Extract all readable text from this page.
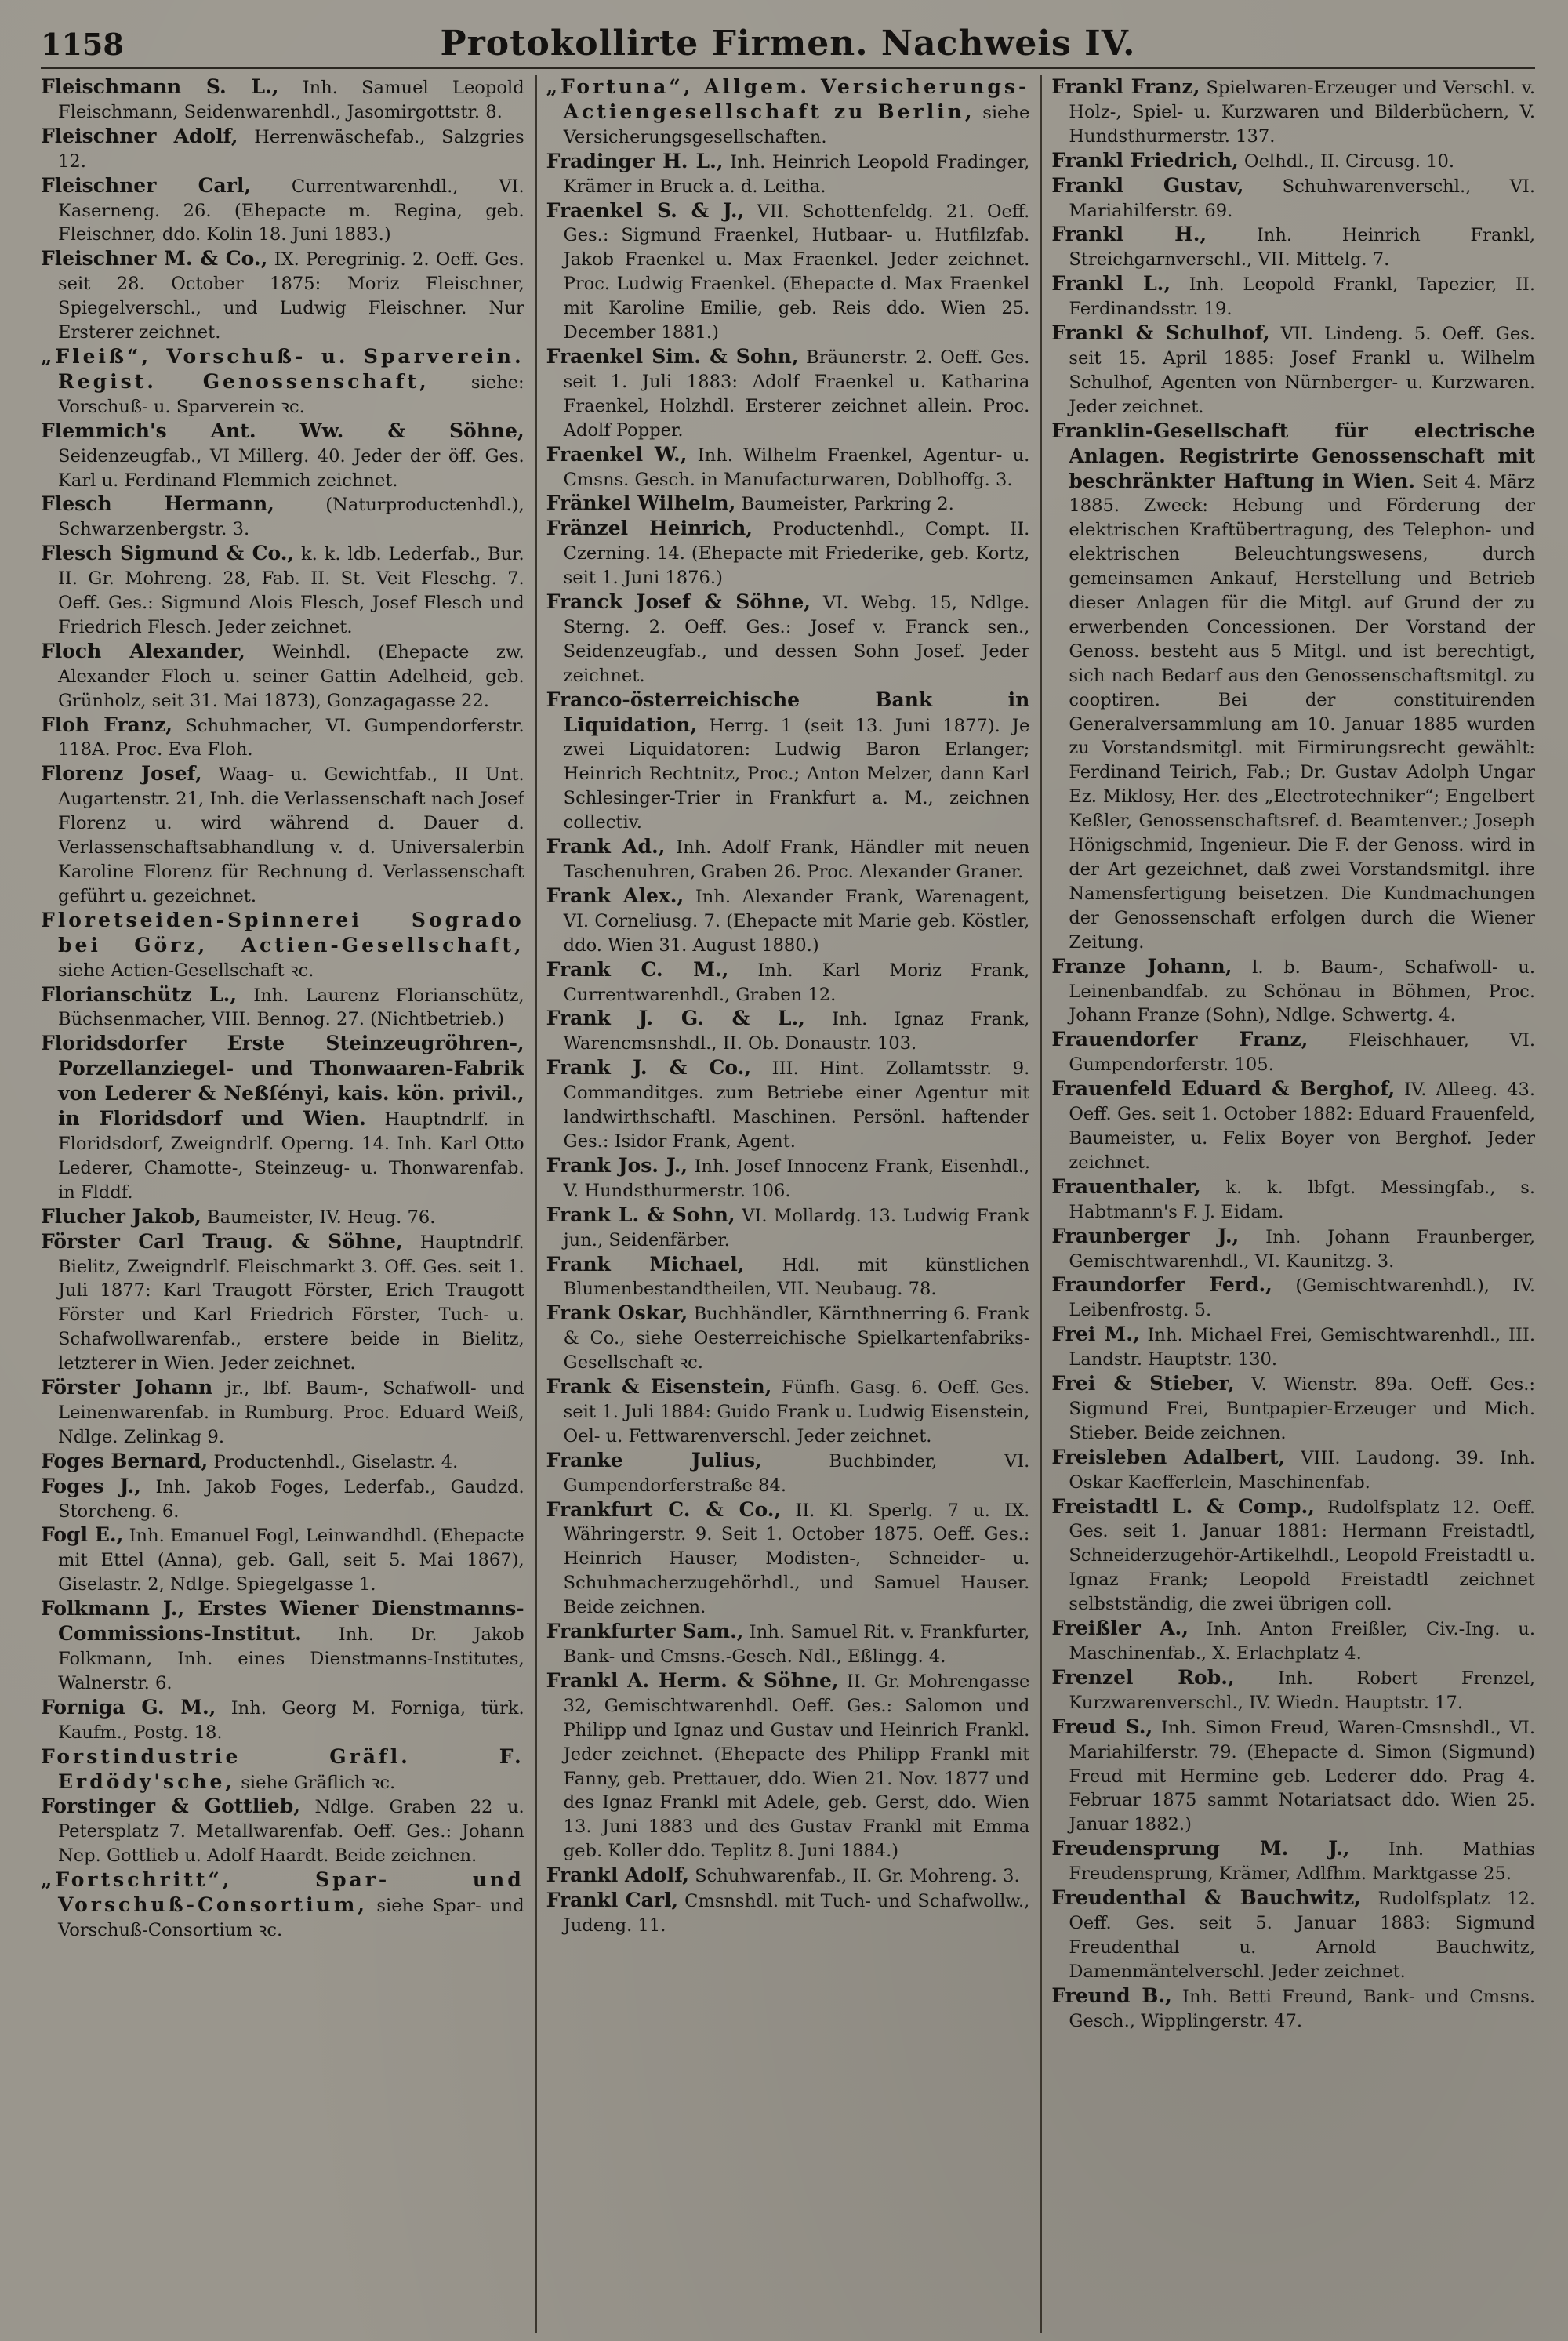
1158	Protokollirte Firmen. Nachweis IV.

Fleischmann S. L., Inh. Samuel Leopold Fleischmann, Seidenwarenhdl., Jasomirgottstr. 8.

Fleischner Adolf, Herrenwäschefab., Salzgries 12.

Fleischner Carl, Currentwarenhdl., VI. Kaserneng. 26. (Ehepacte m. Regina, geb. Fleischner, ddo. Kolin 18. Juni 1883.)

Fleischner M. & Co., IX. Peregrinig. 2. Oeff. Ges. seit 28. October 1875: Moriz Fleischner, Spiegelverschl., und Ludwig Fleischner. Nur Ersterer zeichnet.

„Fleiß“, Vorschuß- u. Sparverein. Regist. Genossenschaft, siehe: Vorschuß- u. Sparverein ꝛc.

Flemmich's Ant. Ww. & Söhne, Seidenzeugfab., VI Millerg. 40. Jeder der öff. Ges. Karl u. Ferdinand Flemmich zeichnet.

Flesch Hermann, (Naturproductenhdl.), Schwarzenbergstr. 3.

Flesch Sigmund & Co., k. k. ldb. Lederfab., Bur. II. Gr. Mohreng. 28, Fab. II. St. Veit Fleschg. 7. Oeff. Ges.: Sigmund Alois Flesch, Josef Flesch und Friedrich Flesch. Jeder zeichnet.

Floch Alexander, Weinhdl. (Ehepacte zw. Alexander Floch u. seiner Gattin Adelheid, geb. Grünholz, seit 31. Mai 1873), Gonzagagasse 22.

Floh Franz, Schuhmacher, VI. Gumpendorferstr. 118A. Proc. Eva Floh.

Florenz Josef, Waag- u. Gewichtfab., II Unt. Augartenstr. 21, Inh. die Verlassenschaft nach Josef Florenz u. wird während d. Dauer d. Verlassenschaftsabhandlung v. d. Universalerbin Karoline Florenz für Rechnung d. Verlassenschaft geführt u. gezeichnet.

Floretseiden-Spinnerei Sogrado bei Görz, Actien-Gesellschaft, siehe Actien-Gesellschaft ꝛc.

Florianschütz L., Inh. Laurenz Florianschütz, Büchsenmacher, VIII. Bennog. 27. (Nichtbetrieb.)

Floridsdorfer Erste Steinzeugröhren-, Porzellanziegel- und Thonwaaren-Fabrik von Lederer & Neßſényi, kais. kön. privil., in Floridsdorf und Wien. Hauptndrlf. in Floridsdorf, Zweigndrlf. Operng. 14. Inh. Karl Otto Lederer, Chamotte-, Steinzeug- u. Thonwarenfab. in Flddf.

Flucher Jakob, Baumeister, IV. Heug. 76.

Förster Carl Traug. & Söhne, Hauptndrlf. Bielitz, Zweigndrlf. Fleischmarkt 3. Off. Ges. seit 1. Juli 1877: Karl Traugott Förster, Erich Traugott Förster und Karl Friedrich Förster, Tuch- u. Schafwollwarenfab., erstere beide in Bielitz, letzterer in Wien. Jeder zeichnet.

Förster Johann jr., lbf. Baum-, Schafwoll- und Leinenwarenfab. in Rumburg. Proc. Eduard Weiß, Ndlge. Zelinkag 9.

Foges Bernard, Productenhdl., Giselastr. 4.

Foges J., Inh. Jakob Foges, Lederfab., Gaudzd. Storcheng. 6.

Fogl E., Inh. Emanuel Fogl, Leinwandhdl. (Ehepacte mit Ettel (Anna), geb. Gall, seit 5. Mai 1867), Giselastr. 2, Ndlge. Spiegelgasse 1.

Folkmann J., Erstes Wiener Dienstmanns-Commissions-Institut. Inh. Dr. Jakob Folkmann, Inh. eines Dienstmanns-Institutes, Walnerstr. 6.

Forniga G. M., Inh. Georg M. Forniga, türk. Kaufm., Postg. 18.

Forstindustrie Gräfl. F. Erdödy'sche, siehe Gräflich ꝛc.

Forstinger & Gottlieb, Ndlge. Graben 22 u. Petersplatz 7. Metallwarenfab. Oeff. Ges.: Johann Nep. Gottlieb u. Adolf Haardt. Beide zeichnen.

„Fortschritt“, Spar- und Vorschuß-Consortium, siehe Spar- und Vorschuß-Consortium ꝛc.

„Fortuna“, Allgem. Versicherungs-Actiengesellschaft zu Berlin, siehe Versicherungsgesellschaften.

Fradinger H. L., Inh. Heinrich Leopold Fradinger, Krämer in Bruck a. d. Leitha.

Fraenkel S. & J., VII. Schottenfeldg. 21. Oeff. Ges.: Sigmund Fraenkel, Hutbaar- u. Hutfilzfab. Jakob Fraenkel u. Max Fraenkel. Jeder zeichnet. Proc. Ludwig Fraenkel. (Ehepacte d. Max Fraenkel mit Karoline Emilie, geb. Reis ddo. Wien 25. December 1881.)

Fraenkel Sim. & Sohn, Bräunerstr. 2. Oeff. Ges. seit 1. Juli 1883: Adolf Fraenkel u. Katharina Fraenkel, Holzhdl. Ersterer zeichnet allein. Proc. Adolf Popper.

Fraenkel W., Inh. Wilhelm Fraenkel, Agentur- u. Cmsns. Gesch. in Manufacturwaren, Doblhoffg. 3.

Fränkel Wilhelm, Baumeister, Parkring 2.

Fränzel Heinrich, Productenhdl., Compt. II. Czerning. 14. (Ehepacte mit Friederike, geb. Kortz, seit 1. Juni 1876.)

Franck Josef & Söhne, VI. Webg. 15, Ndlge. Sterng. 2. Oeff. Ges.: Josef v. Franck sen., Seidenzeugfab., und dessen Sohn Josef. Jeder zeichnet.

Franco-österreichische Bank in Liquidation, Herrg. 1 (seit 13. Juni 1877). Je zwei Liquidatoren: Ludwig Baron Erlanger; Heinrich Rechtnitz, Proc.; Anton Melzer, dann Karl Schlesinger-Trier in Frankfurt a. M., zeichnen collectiv.

Frank Ad., Inh. Adolf Frank, Händler mit neuen Taschenuhren, Graben 26. Proc. Alexander Graner.

Frank Alex., Inh. Alexander Frank, Warenagent, VI. Corneliusg. 7. (Ehepacte mit Marie geb. Köstler, ddo. Wien 31. August 1880.)

Frank C. M., Inh. Karl Moriz Frank, Currentwarenhdl., Graben 12.

Frank J. G. & L., Inh. Ignaz Frank, Warencmsnshdl., II. Ob. Donaustr. 103.

Frank J. & Co., III. Hint. Zollamtsstr. 9. Commanditges. zum Betriebe einer Agentur mit landwirthschaftl. Maschinen. Persönl. haftender Ges.: Isidor Frank, Agent.

Frank Jos. J., Inh. Josef Innocenz Frank, Eisenhdl., V. Hundsthurmerstr. 106.

Frank L. & Sohn, VI. Mollardg. 13. Ludwig Frank jun., Seidenfärber.

Frank Michael, Hdl. mit künstlichen Blumenbestandtheilen, VII. Neubaug. 78.

Frank Oskar, Buchhändler, Kärnthnerring 6. Frank & Co., siehe Oesterreichische Spielkartenfabriks-Gesellschaft ꝛc.

Frank & Eisenstein, Fünfh. Gasg. 6. Oeff. Ges. seit 1. Juli 1884: Guido Frank u. Ludwig Eisenstein, Oel- u. Fettwarenverschl. Jeder zeichnet.

Franke Julius, Buchbinder, VI. Gumpendorferstraße 84.

Frankfurt C. & Co., II. Kl. Sperlg. 7 u. IX. Währingerstr. 9. Seit 1. October 1875. Oeff. Ges.: Heinrich Hauser, Modisten-, Schneider- u. Schuhmacherzugehörhdl., und Samuel Hauser. Beide zeichnen.

Frankfurter Sam., Inh. Samuel Rit. v. Frankfurter, Bank- und Cmsns.-Gesch. Ndl., Eßlingg. 4.

Frankl A. Herm. & Söhne, II. Gr. Mohrengasse 32, Gemischtwarenhdl. Oeff. Ges.: Salomon und Philipp und Ignaz und Gustav und Heinrich Frankl. Jeder zeichnet. (Ehepacte des Philipp Frankl mit Fanny, geb. Prettauer, ddo. Wien 21. Nov. 1877 und des Ignaz Frankl mit Adele, geb. Gerst, ddo. Wien 13. Juni 1883 und des Gustav Frankl mit Emma geb. Koller ddo. Teplitz 8. Juni 1884.)

Frankl Adolf, Schuhwarenfab., II. Gr. Mohreng. 3.

Frankl Carl, Cmsnshdl. mit Tuch- und Schafwollw., Judeng. 11.

Frankl Franz, Spielwaren-Erzeuger und Verschl. v. Holz-, Spiel- u. Kurzwaren und Bilderbüchern, V. Hundsthurmerstr. 137.

Frankl Friedrich, Oelhdl., II. Circusg. 10.

Frankl Gustav, Schuhwarenverschl., VI. Mariahilferstr. 69.

Frankl H., Inh. Heinrich Frankl, Streichgarnverschl., VII. Mittelg. 7.

Frankl L., Inh. Leopold Frankl, Tapezier, II. Ferdinandsstr. 19.

Frankl & Schulhof, VII. Lindeng. 5. Oeff. Ges. seit 15. April 1885: Josef Frankl u. Wilhelm Schulhof, Agenten von Nürnberger- u. Kurzwaren. Jeder zeichnet.

Franklin-Gesellschaft für electrische Anlagen. Registrirte Genossenschaft mit beschränkter Haftung in Wien. Seit 4. März 1885. Zweck: Hebung und Förderung der elektrischen Kraftübertragung, des Telephon- und elektrischen Beleuchtungswesens, durch gemeinsamen Ankauf, Herstellung und Betrieb dieser Anlagen für die Mitgl. auf Grund der zu erwerbenden Concessionen. Der Vorstand der Genoss. besteht aus 5 Mitgl. und ist berechtigt, sich nach Bedarf aus den Genossenschaftsmitgl. zu cooptiren. Bei der constituirenden Generalversammlung am 10. Januar 1885 wurden zu Vorstandsmitgl. mit Firmirungsrecht gewählt: Ferdinand Teirich, Fab.; Dr. Gustav Adolph Ungar Ez. Miklosy, Her. des „Electrotechniker“; Engelbert Keßler, Genossenschaftsref. d. Beamtenver.; Joseph Hönigschmid, Ingenieur. Die F. der Genoss. wird in der Art gezeichnet, daß zwei Vorstandsmitgl. ihre Namensfertigung beisetzen. Die Kundmachungen der Genossenschaft erfolgen durch die Wiener Zeitung.

Franze Johann, l. b. Baum-, Schafwoll- u. Leinenbandfab. zu Schönau in Böhmen, Proc. Johann Franze (Sohn), Ndlge. Schwertg. 4.

Frauendorfer Franz, Fleischhauer, VI. Gumpendorferstr. 105.

Frauenfeld Eduard & Berghof, IV. Alleeg. 43. Oeff. Ges. seit 1. October 1882: Eduard Frauenfeld, Baumeister, u. Felix Boyer von Berghof. Jeder zeichnet.

Frauenthaler, k. k. lbfgt. Messingfab., s. Habtmann's F. J. Eidam.

Fraunberger J., Inh. Johann Fraunberger, Gemischtwarenhdl., VI. Kaunitzg. 3.

Fraundorfer Ferd., (Gemischtwarenhdl.), IV. Leibenfrostg. 5.

Frei M., Inh. Michael Frei, Gemischtwarenhdl., III. Landstr. Hauptstr. 130.

Frei & Stieber, V. Wienstr. 89a. Oeff. Ges.: Sigmund Frei, Buntpapier-Erzeuger und Mich. Stieber. Beide zeichnen.

Freisleben Adalbert, VIII. Laudong. 39. Inh. Oskar Kaefferlein, Maschinenfab.

Freistadtl L. & Comp., Rudolfsplatz 12. Oeff. Ges. seit 1. Januar 1881: Hermann Freistadtl, Schneiderzugehör-Artikelhdl., Leopold Freistadtl u. Ignaz Frank; Leopold Freistadtl zeichnet selbstständig, die zwei übrigen coll.

Freißler A., Inh. Anton Freißler, Civ.-Ing. u. Maschinenfab., X. Erlachplatz 4.

Frenzel Rob., Inh. Robert Frenzel, Kurzwarenverschl., IV. Wiedn. Hauptstr. 17.

Freud S., Inh. Simon Freud, Waren-Cmsnshdl., VI. Mariahilferstr. 79. (Ehepacte d. Simon (Sigmund) Freud mit Hermine geb. Lederer ddo. Prag 4. Februar 1875 sammt Notariatsact ddo. Wien 25. Januar 1882.)

Freudensprung M. J., Inh. Mathias Freudensprung, Krämer, Adlfhm. Marktgasse 25.

Freudenthal & Bauchwitz, Rudolfsplatz 12. Oeff. Ges. seit 5. Januar 1883: Sigmund Freudenthal u. Arnold Bauchwitz, Damenmäntelverschl. Jeder zeichnet.

Freund B., Inh. Betti Freund, Bank- und Cmsns. Gesch., Wipplingerstr. 47.
